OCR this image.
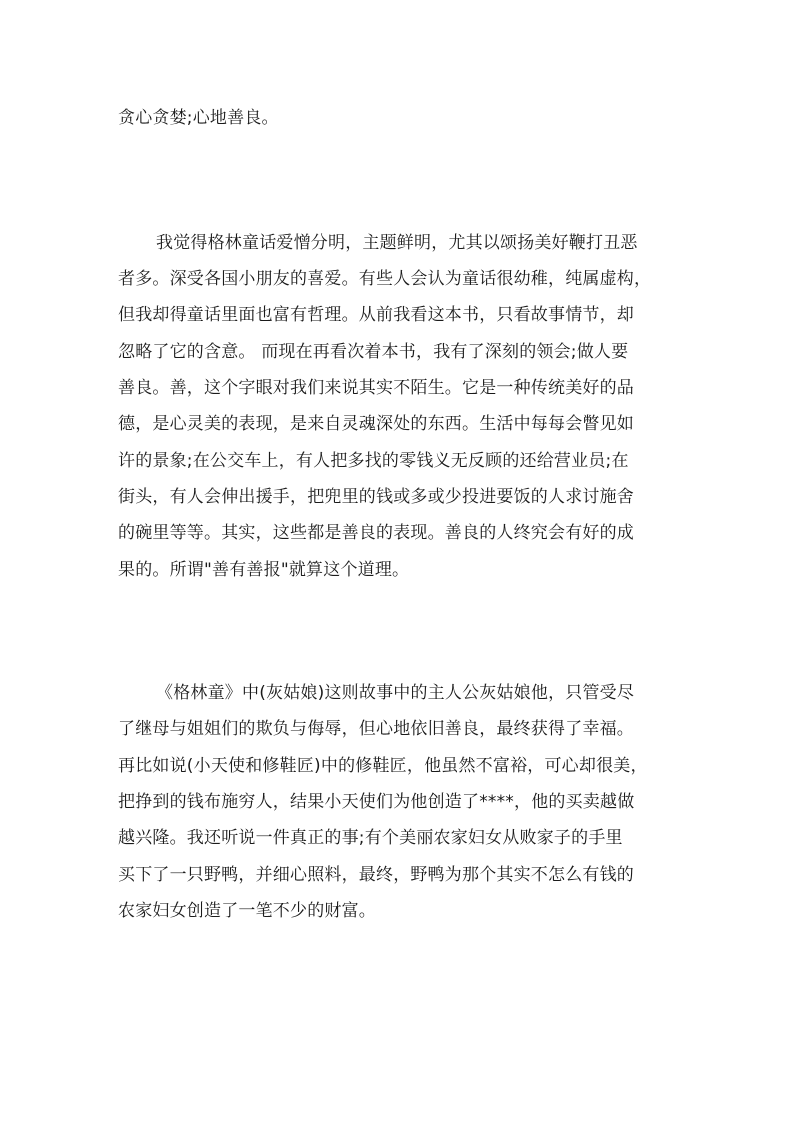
贪心贪婪;心地善良。
我觉得格林童话爱憎分明，主题鲜明，尤其以颂扬美好鞭打丑恶
者多。深受各国小朋友的喜爱。有些人会认为童话很幼稚，纯属虚构，
但我却得童话里面也富有哲理。从前我看这本书，只看故事情节，却
忽略了它的含意。 而现在再看次着本书，我有了深刻的领会;做人要
善良。善，这个字眼对我们来说其实不陌生。它是一种传统美好的品
德，是心灵美的表现，是来自灵魂深处的东西。生活中每每会瞥见如
许的景象;在公交车上，有人把多找的零钱义无反顾的还给营业员;在
街头，有人会伸出援手，把兜里的钱或多或少投进要饭的人求讨施舍
的碗里等等。其实，这些都是善良的表现。善良的人终究会有好的成
果的。所谓"善有善报"就算这个道理。
《格林童》中(灰姑娘)这则故事中的主人公灰姑娘他，只管受尽
了继母与姐姐们的欺负与侮辱，但心地依旧善良，最终获得了幸福。
再比如说(小天使和修鞋匠)中的修鞋匠，他虽然不富裕，可心却很美，
把挣到的钱布施穷人，结果小天使们为他创造了****，他的买卖越做
越兴隆。我还听说一件真正的事;有个美丽农家妇女从败家子的手里
买下了一只野鸭，并细心照料，最终，野鸭为那个其实不怎么有钱的
农家妇女创造了一笔不少的财富。
